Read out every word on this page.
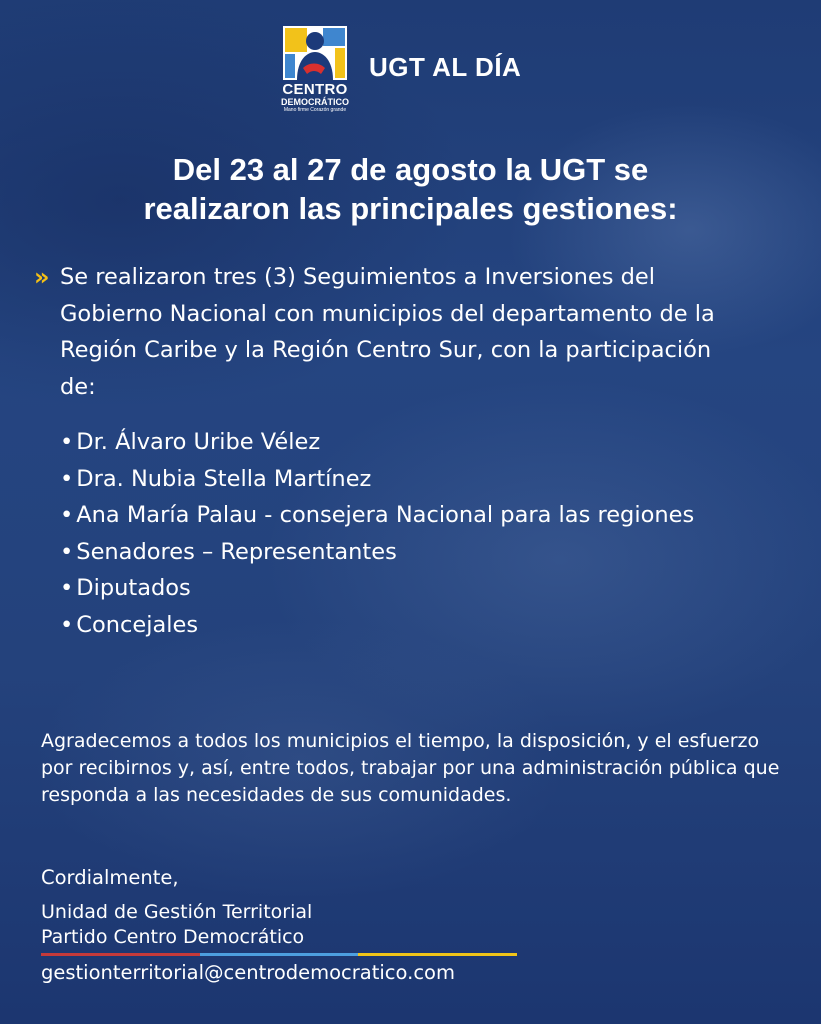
CENTRO
DEMOCRÁTICO
Mano firme Corazón grande
UGT AL DÍA
Del 23 al 27 de agosto la UGT se
realizaron las principales gestiones:
» Se realizaron tres (3) Seguimientos a Inversiones del Gobierno Nacional con municipios del departamento de la Región Caribe y la Región Centro Sur, con la participación de:
• Dr. Álvaro Uribe Vélez
• Dra. Nubia Stella Martínez
• Ana María Palau - consejera Nacional para las regiones
• Senadores – Representantes
• Diputados
• Concejales
Agradecemos a todos los municipios el tiempo, la disposición, y el esfuerzo por recibirnos y, así, entre todos, trabajar por una administración pública que responda a las necesidades de sus comunidades.
Cordialmente,
Unidad de Gestión Territorial
Partido Centro Democrático
gestionterritorial@centrodemocratico.com
